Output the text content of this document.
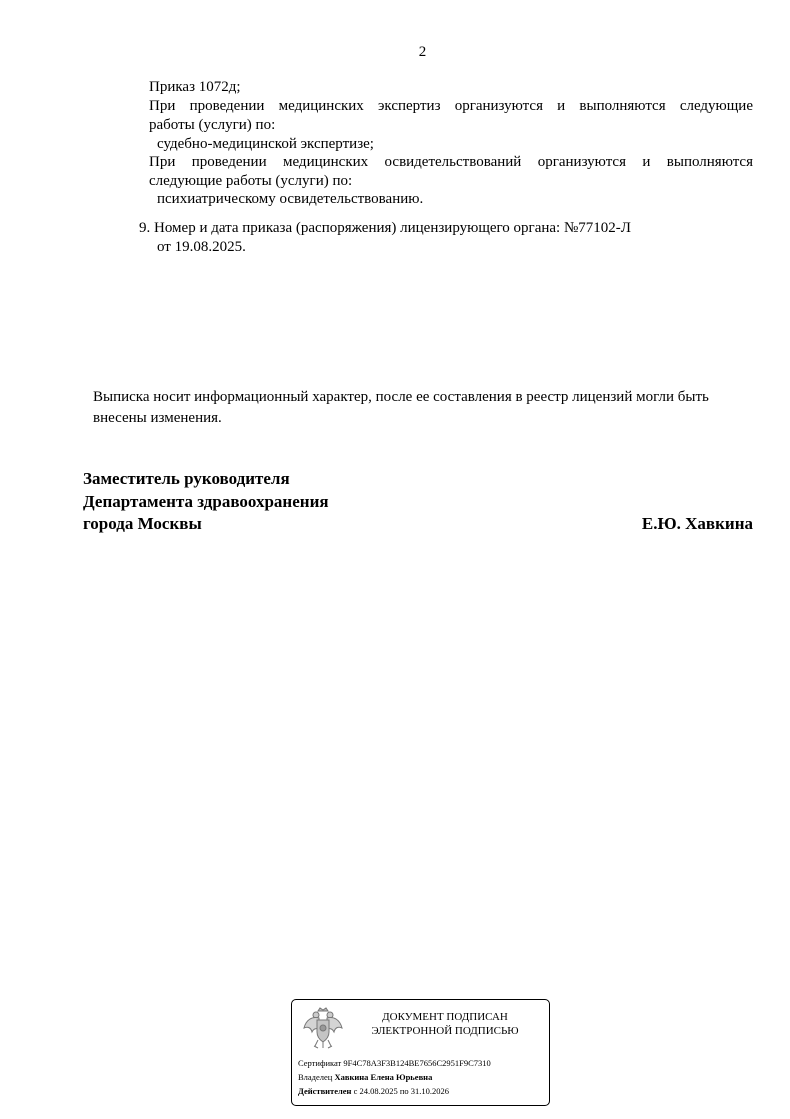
2
Приказ 1072д;
При проведении медицинских экспертиз организуются и выполняются следующие
работы (услуги) по:
судебно-медицинской экспертизе;
При проведении медицинских освидетельствований организуются и выполняются
следующие работы (услуги) по:
психиатрическому освидетельствованию.
9. Номер и дата приказа (распоряжения) лицензирующего органа: №77102-Л
от 19.08.2025.
Выписка носит информационный характер, после ее составления в реестр лицензий могли быть внесены изменения.
Заместитель руководителя
Департамента здравоохранения
города Москвы	Е.Ю. Хавкина
ДОКУМЕНТ ПОДПИСАН
ЭЛЕКТРОННОЙ ПОДПИСЬЮ
Сертификат 9F4C78A3F3B124BE7656C2951F9C7310
Владелец Хавкина Елена Юрьевна
Действителен с 24.08.2025 по 31.10.2026
